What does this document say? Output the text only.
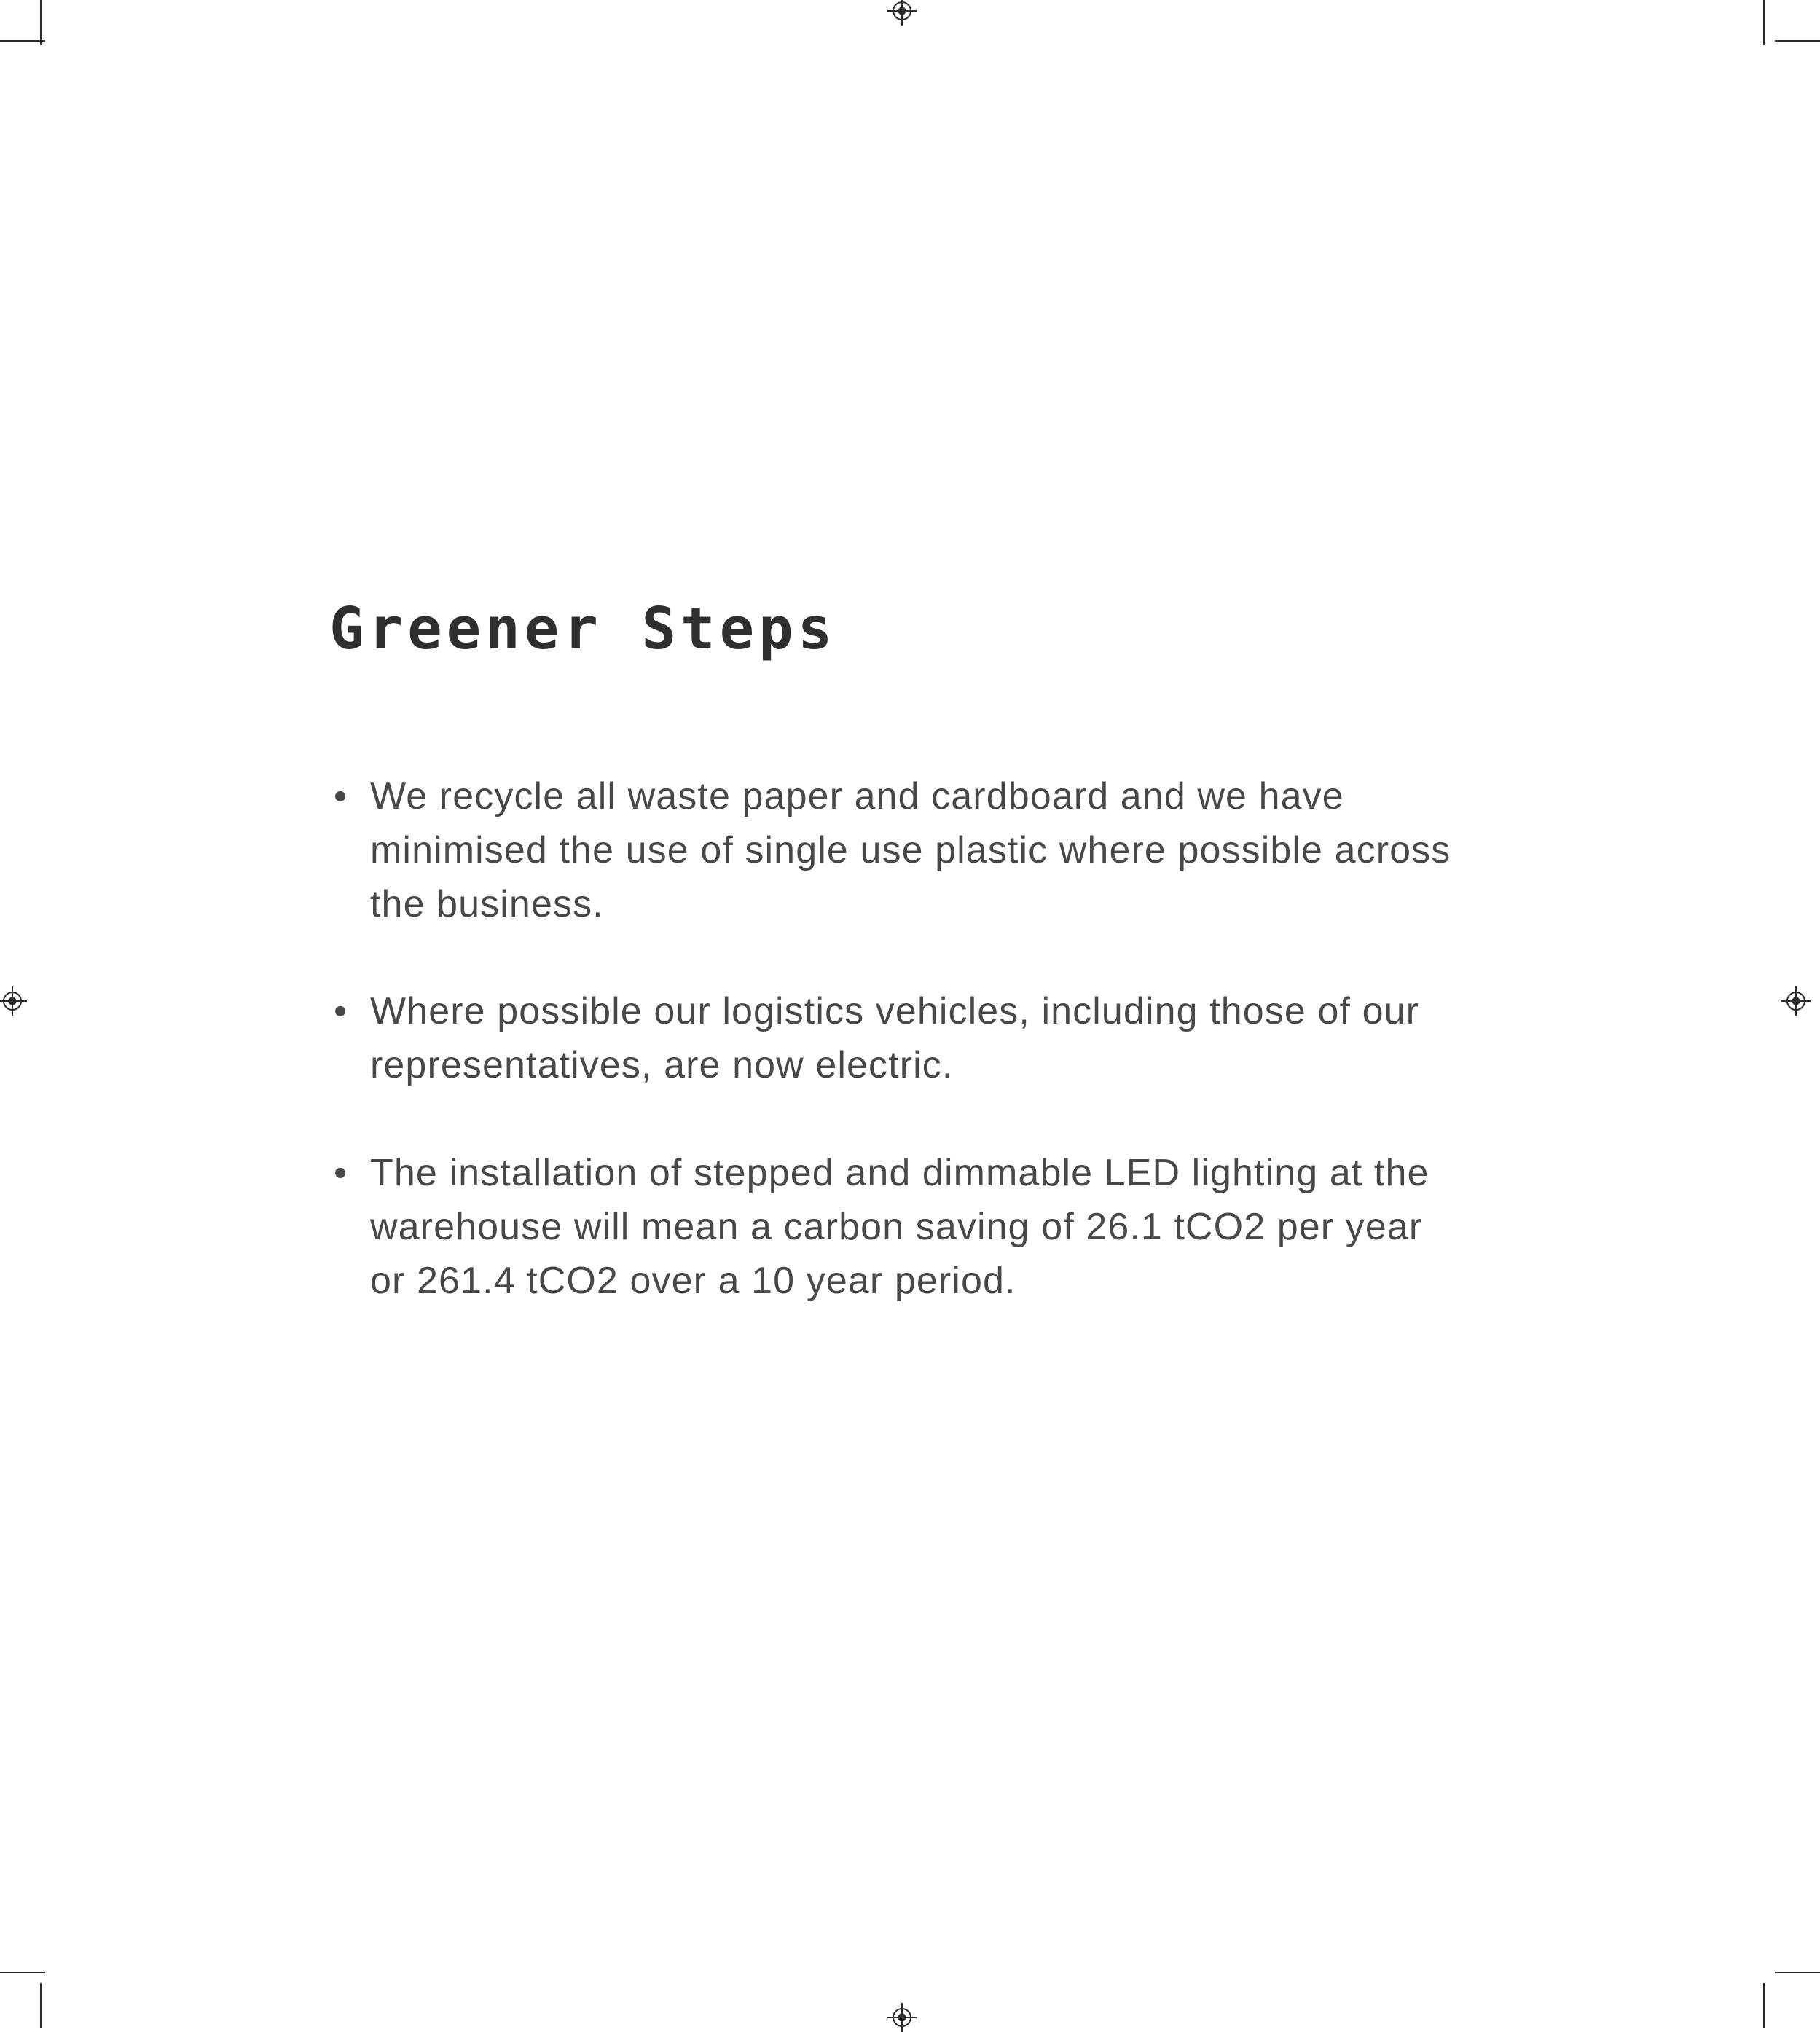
Greener Steps
• We recycle all waste paper and cardboard and we have minimised the use of single use plastic where possible across the business.
• Where possible our logistics vehicles, including those of our representatives, are now electric.
• The installation of stepped and dimmable LED lighting at the warehouse will mean a carbon saving of 26.1 tCO2 per year or 261.4 tCO2 over a 10 year period.
